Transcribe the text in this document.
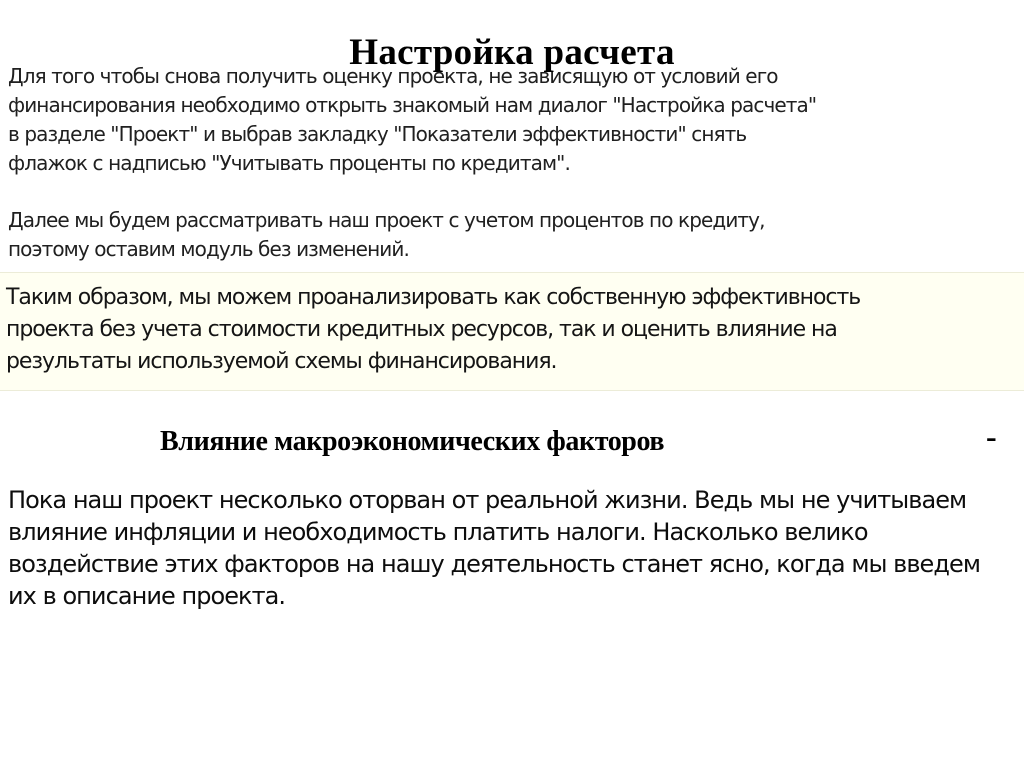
Настройка расчета

Для того чтобы снова получить оценку проекта, не зависящую от условий его
финансирования необходимо открыть знакомый нам диалог "Настройка расчета"
в разделе "Проект" и выбрав закладку "Показатели эффективности" снять
флажок с надписью "Учитывать проценты по кредитам".

Далее мы будем рассматривать наш проект с учетом процентов по кредиту,
поэтому оставим модуль без изменений.

Таким образом, мы можем проанализировать как собственную эффективность
проекта без учета стоимости кредитных ресурсов, так и оценить влияние на
результаты используемой схемы финансирования.

Влияние макроэкономических факторов	-

Пока наш проект несколько оторван от реальной жизни. Ведь мы не учитываем
влияние инфляции и необходимость платить налоги. Насколько велико
воздействие этих факторов на нашу деятельность станет ясно, когда мы введем
их в описание проекта.
